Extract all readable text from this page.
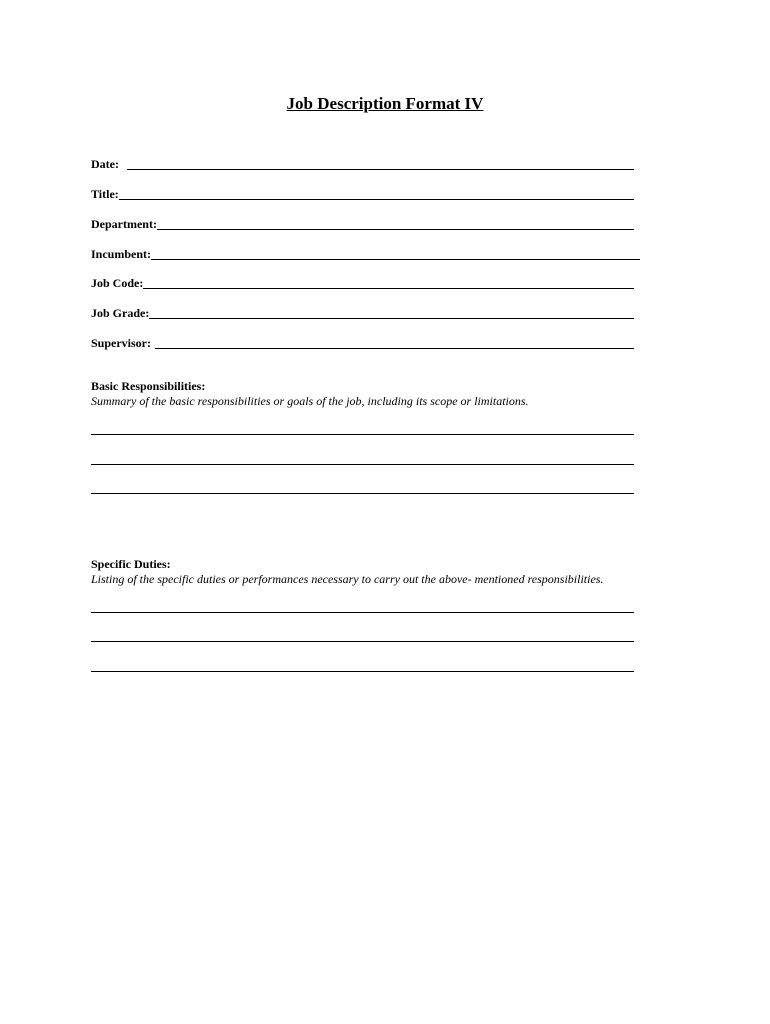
Job Description Format IV
Date:
Title:
Department:
Incumbent:
Job Code:
Job Grade:
Supervisor:
Basic Responsibilities:
Summary of the basic responsibilities or goals of the job, including its scope or limitations.
Specific Duties:
Listing of the specific duties or performances necessary to carry out the above- mentioned responsibilities.
